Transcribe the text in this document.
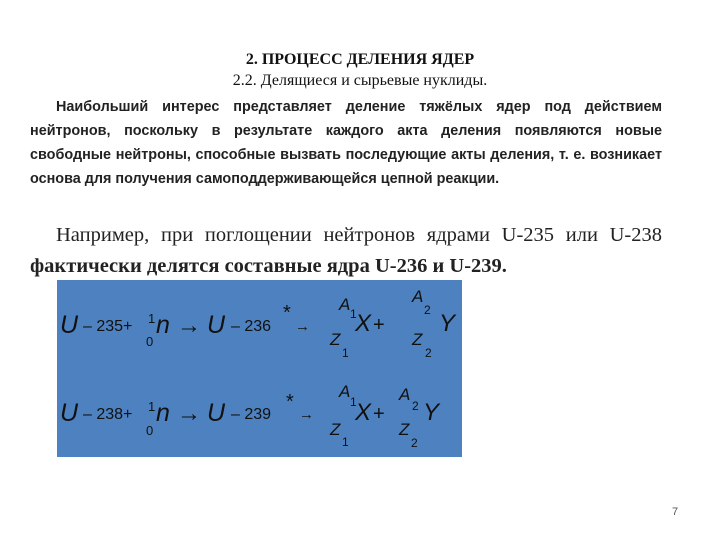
2. ПРОЦЕСС ДЕЛЕНИЯ ЯДЕР
2.2. Делящиеся и сырьевые нуклиды.
Наибольший интерес представляет деление тяжёлых ядер под действием нейтронов, поскольку в результате каждого акта деления появляются новые свободные нейтроны, способные вызвать последующие акты деления, т. е. возникает основа для получения самоподдерживающейся цепной реакции.
Например, при поглощении нейтронов ядрами U-235 или U-238 фактически делятся составные ядра U-236 и U-239.
U – 235+ 1
0
n → U – 236
*
→
A 1
Z
1
X +
A
2
Z
2
Y
U – 238+ 1
0
n → U – 239
*
→
A
1
Z
1
X +
A
2
Z
2
Y
7
